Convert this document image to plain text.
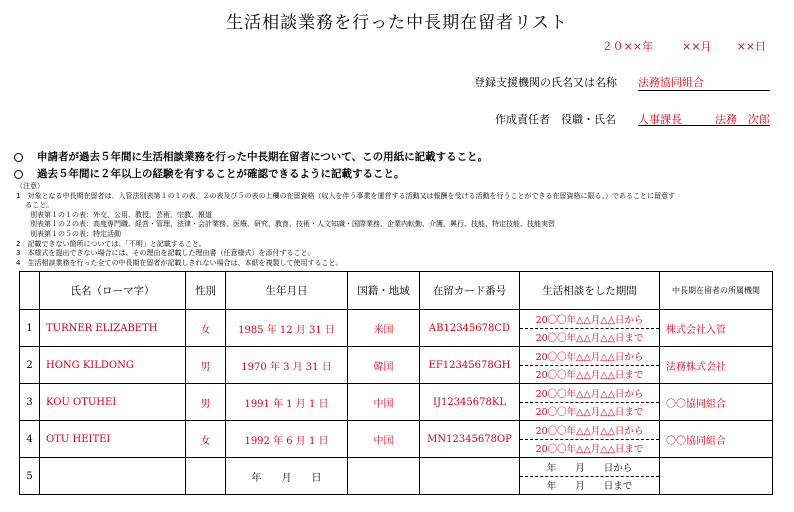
生活相談業務を行った中長期在留者リスト
２０××年	××月 ××日
登録支援機関の氏名又は名称 法務協同組合
作成責任者　役職・氏名 人事課長	法務　次郎
申請者が過去５年間に生活相談業務を行った中長期在留者について、この用紙に記載すること。
過去５年間に２年以上の経験を有することが確認できるように記載すること。
（注意）
1　対象となる中長期在留者は、入管法別表第１の１の表、２の表及び５の表の上欄の在留資格（収入を伴う事業を運営する活動又は報酬を受ける活動を行うことができる在留資格に限る。）であることに留意す
　 ること。
　　別表第１の１の表：外交、公用、教授、芸術、宗教、報道
　　別表第１の２の表：高度専門職、経営・管理、法律・会計業務、医療、研究、教育、技術・人文知識・国際業務、企業内転勤、介護、興行、技能、特定技能、技能実習
　　別表第１の５の表：特定活動
2　記載できない箇所については、「不明」と記載すること。
3　本様式を提出できない場合には、その理由を記載した理由書（任意様式）を添付すること。
4　生活相談業務を行った全ての中長期在留者が記載しきれない場合は、本紙を複製して使用すること。
	氏名（ローマ字）	性別	生年月日	国籍・地域	在留カード番号	生活相談をした期間	中長期在留者の所属機関
1	TURNER ELIZABETH	女	1985 年 12 月 31 日	米国	AB12345678CD	20〇〇年△△月△△日から
20〇〇年△△月△△日まで	株式会社入管
2	HONG KILDONG	男	1970 年 3 月 31 日	韓国	EF12345678GH	20〇〇年△△月△△日から
20〇〇年△△月△△日まで	法務株式会社
3	KOU OTUHEI	男	1991 年 1 月 1 日	中国	IJ12345678KL	20〇〇年△△月△△日から
20〇〇年△△月△△日まで	〇〇協同組合
4	OTU HEITEI	女	1992 年 6 月 1 日	中国	MN12345678OP	20〇〇年△△月△△日から
20〇〇年△△月△△日まで	〇〇協同組合
5			年　　月　　日			年　　月　　日から
年　　月　　日まで	
